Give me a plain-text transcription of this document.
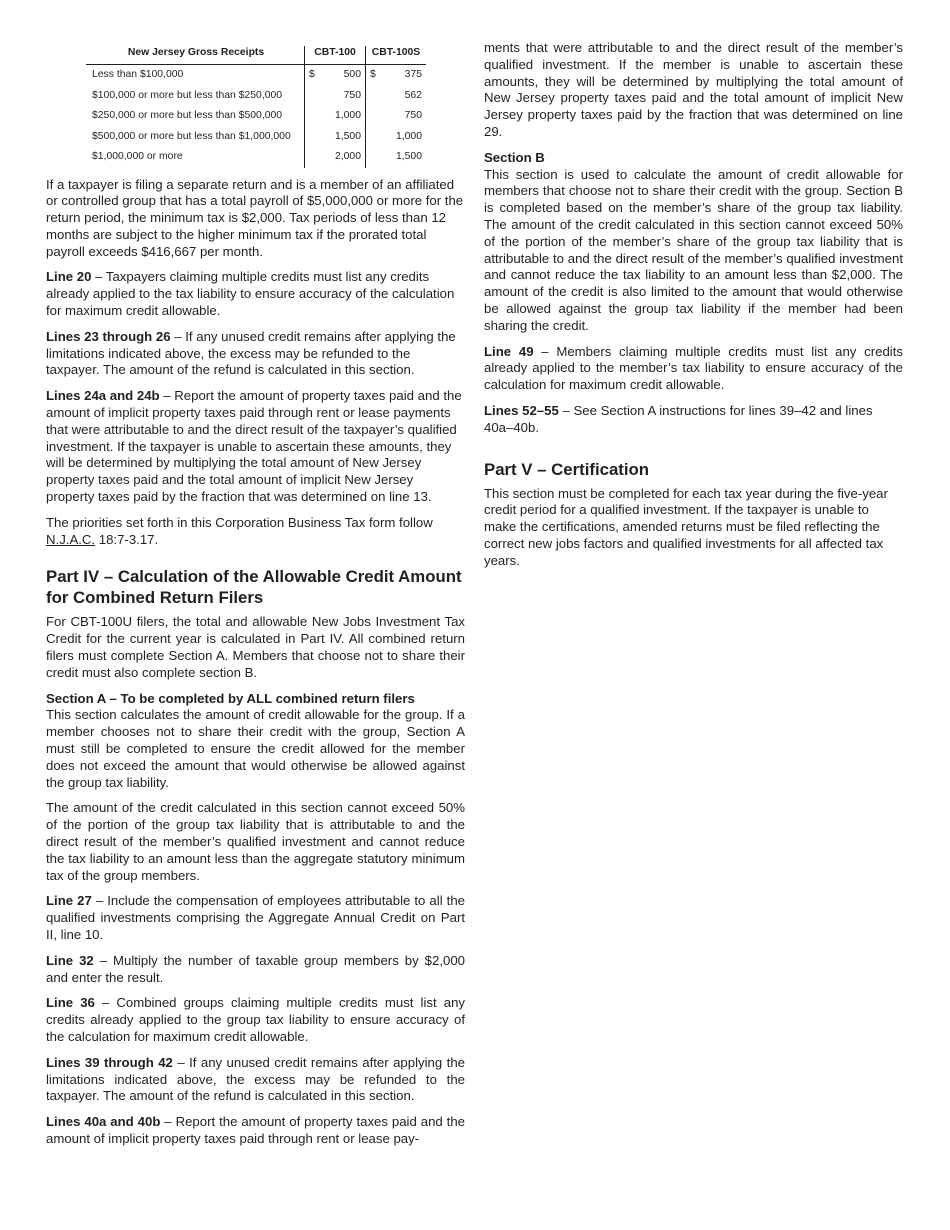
New Jersey Gross Receipts	CBT-100	CBT-100S
Less than $100,000	$ 500	$ 375

$100,000 or more but less than $250,000	750	562

$250,000 or more but less than $500,000	1,000	750

$500,000 or more but less than $1,000,000	1,500	1,000

$1,000,000 or more	2,000	1,500

If a taxpayer is filing a separate return and is a member of an affiliated or controlled group that has a total payroll of $5,000,000 or more for the return period, the minimum tax is $2,000. Tax periods of less than 12 months are subject to the higher minimum tax if the prorated total payroll exceeds $416,667 per month.

Line 20 – Taxpayers claiming multiple credits must list any credits already applied to the tax liability to ensure accuracy of the calculation for maximum credit allowable.

Lines 23 through 26 – If any unused credit remains after applying the limitations indicated above, the excess may be refunded to the taxpayer. The amount of the refund is calculated in this section.

Lines 24a and 24b – Report the amount of property taxes paid and the amount of implicit property taxes paid through rent or lease payments that were attributable to and the direct result of the taxpayer’s qualified investment. If the taxpayer is unable to ascertain these amounts, they will be determined by multiplying the total amount of New Jersey property taxes paid and the total amount of implicit New Jersey property taxes paid by the fraction that was determined on line 13.

The priorities set forth in this Corporation Business Tax form follow N.J.A.C. 18:7-3.17.

Part IV – Calculation of the Allowable Credit Amount for Combined Return Filers

For CBT-100U filers, the total and allowable New Jobs Investment Tax Credit for the current year is calculated in Part IV. All combined return filers must complete Section A. Members that choose not to share their credit must also complete section B.

Section A – To be completed by ALL combined return filers
This section calculates the amount of credit allowable for the group. If a member chooses not to share their credit with the group, Section A must still be completed to ensure the credit allowed for the member does not exceed the amount that would otherwise be allowed against the group tax liability.

The amount of the credit calculated in this section cannot exceed 50% of the portion of the group tax liability that is attributable to and the direct result of the member’s qualified investment and cannot reduce the tax liability to an amount less than the aggregate statutory minimum tax of the group members.

Line 27 – Include the compensation of employees attributable to all the qualified investments comprising the Aggregate Annual Credit on Part II, line 10.

Line 32 – Multiply the number of taxable group members by $2,000 and enter the result.

Line 36 – Combined groups claiming multiple credits must list any credits already applied to the group tax liability to ensure accuracy of the calculation for maximum credit allowable.

Lines 39 through 42 – If any unused credit remains after applying the limitations indicated above, the excess may be refunded to the taxpayer. The amount of the refund is calculated in this section.

Lines 40a and 40b – Report the amount of property taxes paid and the amount of implicit property taxes paid through rent or lease pay-

ments that were attributable to and the direct result of the member’s qualified investment. If the member is unable to ascertain these amounts, they will be determined by multiplying the total amount of New Jersey property taxes paid and the total amount of implicit New Jersey property taxes paid by the fraction that was determined on line 29.

Section B
This section is used to calculate the amount of credit allowable for members that choose not to share their credit with the group. Section B is completed based on the member’s share of the group tax liability. The amount of the credit calculated in this section cannot exceed 50% of the portion of the member’s share of the group tax liability that is attributable to and the direct result of the member’s qualified investment and cannot reduce the tax liability to an amount less than $2,000. The amount of the credit is also limited to the amount that would otherwise be allowed against the group tax liability if the member had been sharing the credit.

Line 49 – Members claiming multiple credits must list any credits already applied to the member’s tax liability to ensure accuracy of the calculation for maximum credit allowable.

Lines 52–55 – See Section A instructions for lines 39–42 and lines 40a–40b.

Part V – Certification

This section must be completed for each tax year during the five-year credit period for a qualified investment. If the taxpayer is unable to make the certifications, amended returns must be filed reflecting the correct new jobs factors and qualified investments for all affected tax years.
